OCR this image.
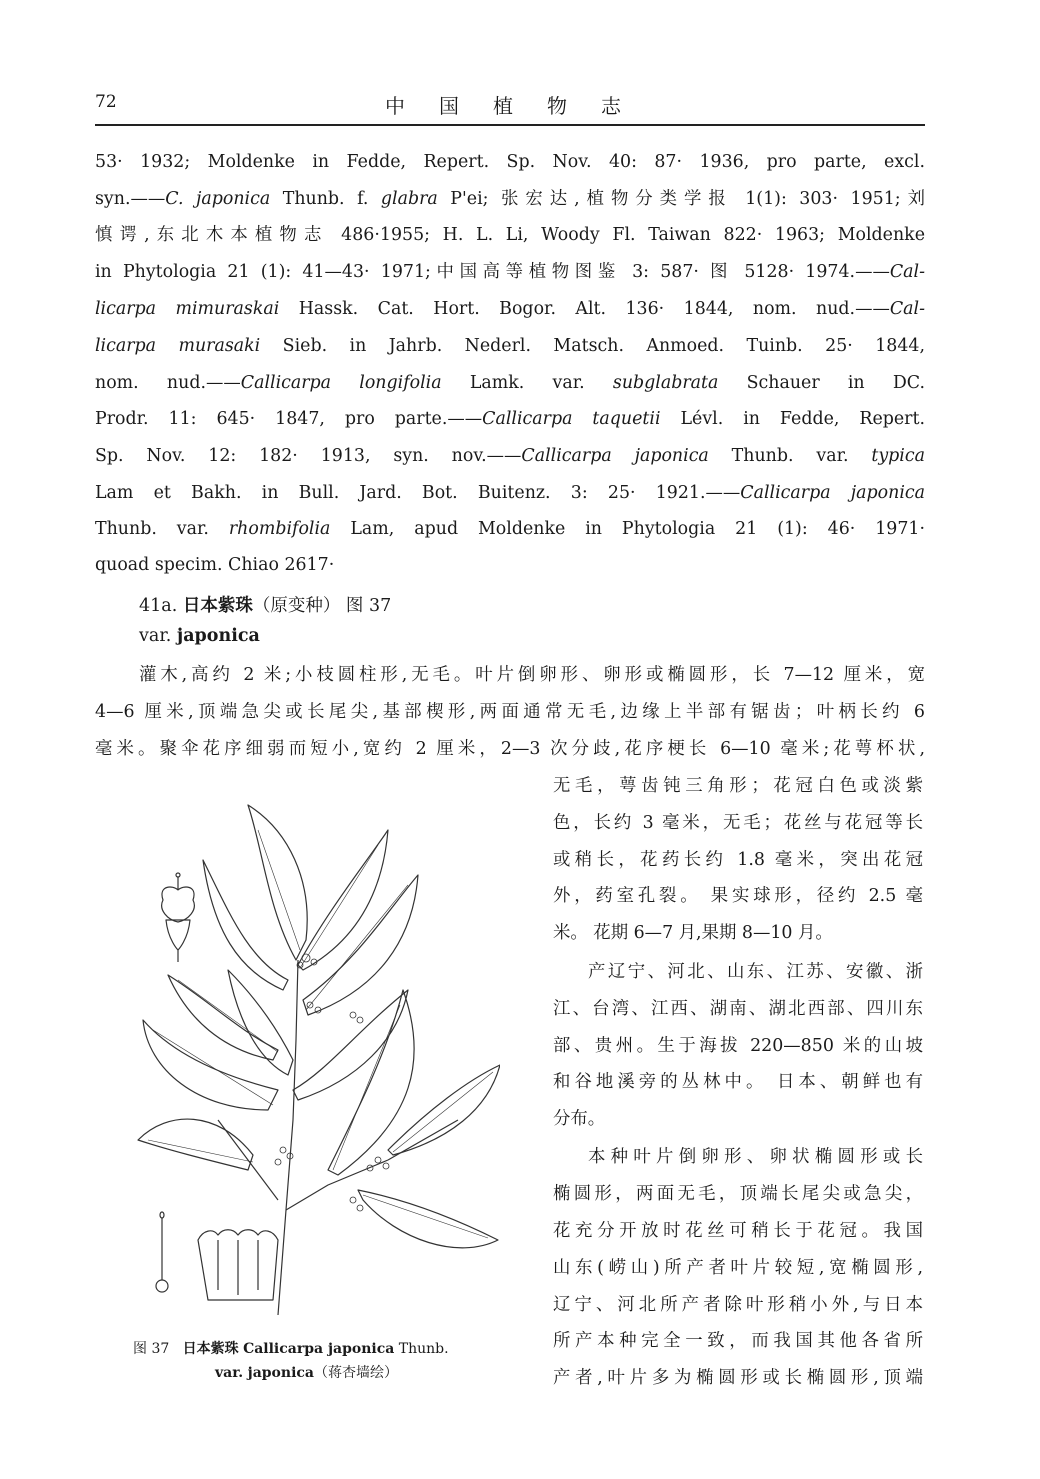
72	中国植物志
53· 1932; Moldenke in Fedde, Repert. Sp. Nov. 40: 87· 1936, pro parte, excl.
syn.——C. japonica Thunb. f. glabra P'ei; 张宏达,植物分类学报 1(1): 303· 1951;刘
慎谔,东北木本植物志 486·1955; H. L. Li, Woody Fl. Taiwan 822· 1963; Moldenke
in Phytologia 21 (1): 41—43· 1971;中国高等植物图鉴 3: 587· 图 5128· 1974.——Cal-
licarpa mimuraskai Hassk. Cat. Hort. Bogor. Alt. 136· 1844, nom. nud.——Cal-
licarpa murasaki Sieb. in Jahrb. Nederl. Matsch. Anmoed. Tuinb. 25· 1844,
nom. nud.——Callicarpa longifolia Lamk. var. subglabrata Schauer in DC.
Prodr. 11: 645· 1847, pro parte.——Callicarpa taquetii Lévl. in Fedde, Repert.
Sp. Nov. 12: 182· 1913, syn. nov.——Callicarpa japonica Thunb. var. typica
Lam et Bakh. in Bull. Jard. Bot. Buitenz. 3: 25· 1921.——Callicarpa japonica
Thunb. var. rhombifolia Lam, apud Moldenke in Phytologia 21 (1): 46· 1971·
quoad specim. Chiao 2617·
41a. 日本紫珠（原变种） 图 37
var. japonica
灌木,高约 2 米;小枝圆柱形,无毛。叶片倒卵形、卵形或椭圆形，长 7—12 厘米，宽
4—6 厘米,顶端急尖或长尾尖,基部楔形,两面通常无毛,边缘上半部有锯齿；叶柄长约 6
毫米。聚伞花序细弱而短小,宽约 2 厘米，2—3 次分歧,花序梗长 6—10 毫米;花萼杯状,
无毛，萼齿钝三角形；花冠白色或淡紫
色，长约 3 毫米，无毛；花丝与花冠等长
或稍长，花药长约 1.8 毫米，突出花冠
外，药室孔裂。 果实球形，径约 2.5 毫
米。 花期 6—7 月,果期 8—10 月。
产辽宁、河北、山东、江苏、安徽、浙
江、台湾、江西、湖南、湖北西部、四川东
部、贵州。生于海拔 220—850 米的山坡
和谷地溪旁的丛林中。 日本、朝鲜也有
分布。
本种叶片倒卵形、卵状椭圆形或长
椭圆形，两面无毛，顶端长尾尖或急尖，
花充分开放时花丝可稍长于花冠。我国
山东(崂山)所产者叶片较短,宽椭圆形,
辽宁、河北所产者除叶形稍小外,与日本
所产本种完全一致，而我国其他各省所
产者,叶片多为椭圆形或长椭圆形,顶端
图 37 日本紫珠 Callicarpa japonica Thunb.
var. japonica（蒋杏墙绘）
